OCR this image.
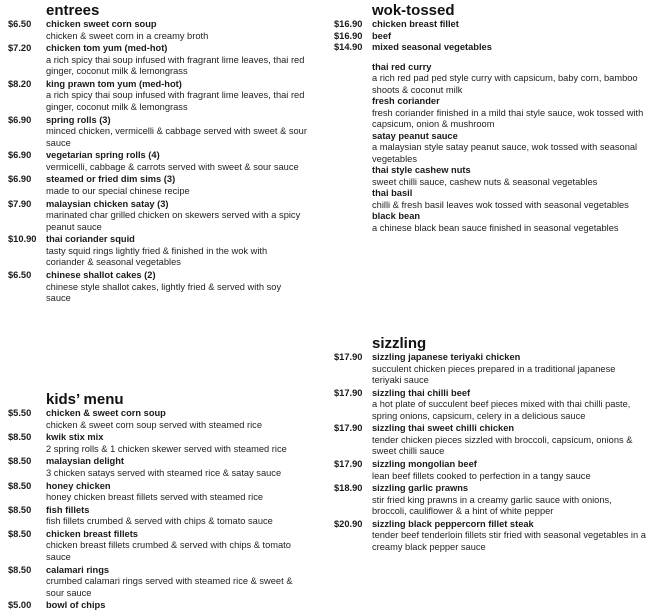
entrees
$6.50	chicken sweet corn soup
chicken & sweet corn in a creamy broth
$7.20	chicken tom yum (med-hot)
a rich spicy thai soup infused with fragrant lime leaves, thai red ginger, coconut milk & lemongrass
$8.20	king prawn tom yum (med-hot)
a rich spicy thai soup infused with fragrant lime leaves, thai red ginger, coconut milk & lemongrass
$6.90	spring rolls (3)
minced chicken, vermicelli & cabbage served with sweet & sour sauce
$6.90	vegetarian spring rolls (4)
vermicelli, cabbage & carrots served with sweet & sour sauce
$6.90	steamed or fried dim sims (3)
made to our special chinese recipe
$7.90	malaysian chicken satay (3)
marinated char grilled chicken on skewers served with a spicy peanut sauce
$10.90	thai coriander squid
tasty squid rings lightly fried & finished in the wok with coriander & seasonal vegetables
$6.50	chinese shallot cakes (2)
chinese style shallot cakes, lightly fried & served with soy sauce
kids’ menu
$5.50	chicken & sweet corn soup
chicken & sweet corn soup served with steamed rice
$8.50	kwik stix mix
2 spring rolls & 1 chicken skewer served with steamed rice
$8.50	malaysian delight
3 chicken satays served with steamed rice & satay sauce
$8.50	honey chicken
honey chicken breast fillets served with steamed rice
$8.50	fish fillets
fish fillets crumbed & served with chips & tomato sauce
$8.50	chicken breast fillets
chicken breast fillets crumbed & served with chips & tomato sauce
$8.50	calamari rings
crumbed calamari rings served with steamed rice & sweet & sour sauce
$5.00	bowl of chips
wok-tossed
$16.90	chicken breast fillet
$16.90	beef
$14.90	mixed seasonal vegetables
thai red curry
a rich red pad ped style curry with capsicum, baby corn, bamboo shoots & coconut milk
fresh coriander
fresh coriander finished in a mild thai style sauce, wok tossed with capsicum, onion & mushroom
satay peanut sauce
a malaysian style satay peanut sauce, wok tossed with seasonal vegetables
thai style cashew nuts
sweet chilli sauce, cashew nuts & seasonal vegetables
thai basil
chilli & fresh basil leaves wok tossed with seasonal vegetables
black bean
a chinese black bean sauce finished in seasonal vegetables
sizzling
$17.90	sizzling japanese teriyaki chicken
succulent chicken pieces prepared in a traditional japanese teriyaki sauce
$17.90	sizzling thai chilli beef
a hot plate of succulent beef pieces mixed with thai chilli paste, spring onions, capsicum, celery in a delicious sauce
$17.90	sizzling thai sweet chilli chicken
tender chicken pieces sizzled with broccoli, capsicum, onions & sweet chilli sauce
$17.90	sizzling mongolian beef
lean beef fillets cooked to perfection in a tangy sauce
$18.90	sizzling garlic prawns
stir fried king prawns in a creamy garlic sauce with onions, broccoli, cauliflower & a hint of white pepper
$20.90	sizzling black peppercorn fillet steak
tender beef tenderloin fillets stir fried with seasonal vegetables in a creamy black pepper sauce
